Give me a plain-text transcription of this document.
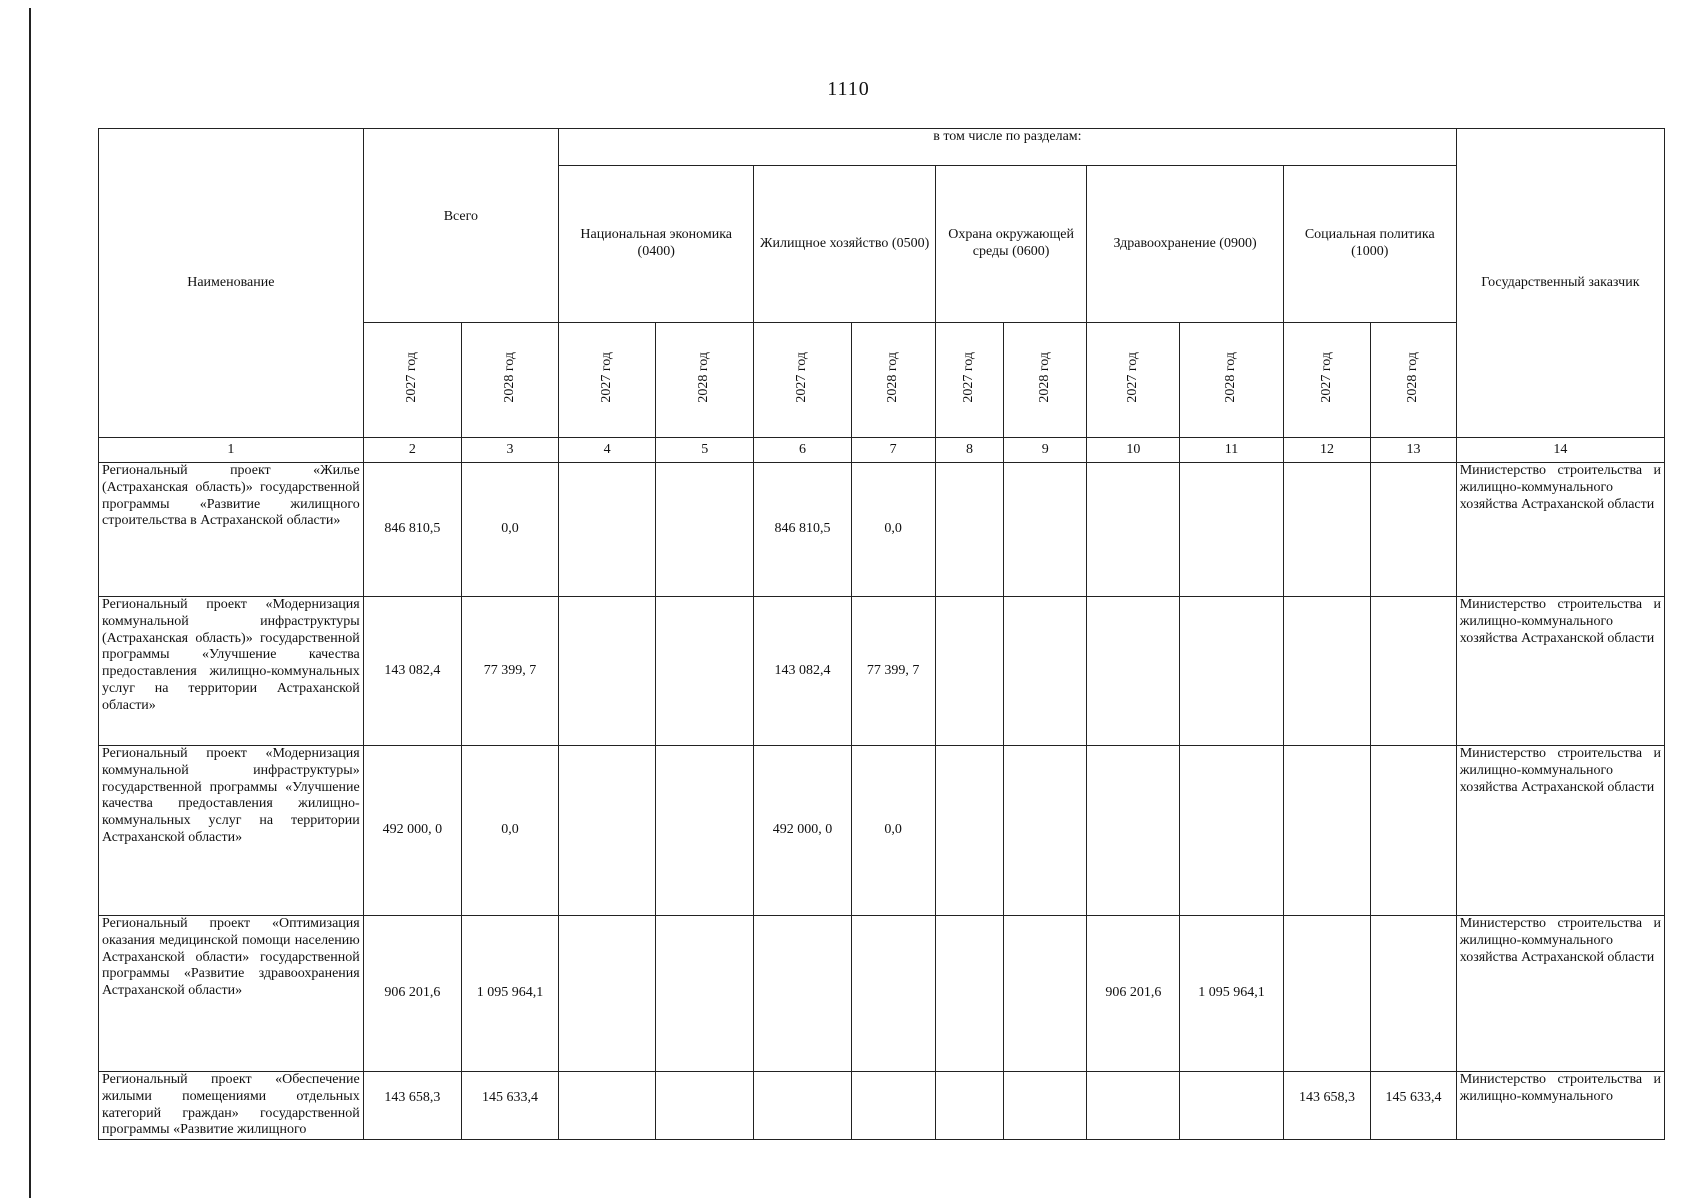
1110
Наименование	Всего		в том числе по разделам:										Государственный заказчик
			Национальная экономика (0400)		Жилищное хозяйство (0500)		Охрана окружающей среды (0600)		Здравоохранение (0900)		Социальная политика (1000)		
	2027 год	2028 год	2027 год	2028 год	2027 год	2028 год	2027 год	2028 год	2027 год	2028 год	2027 год	2028 год	
1	2	3	4	5	6	7	8	9	10	11	12	13	14
Региональный проект «Жилье (Астраханская область)» государственной программы «Развитие жилищного строительства в Астраханской области»	846 810,5	0,0			846 810,5	0,0							Министерство строительства и жилищно-коммунального хозяйства Астраханской области
Региональный проект «Модернизация коммунальной инфраструктуры (Астраханская область)» государственной программы «Улучшение качества предоставления жилищно-коммунальных услуг на территории Астраханской области»	143 082,4	77 399, 7			143 082,4	77 399, 7							Министерство строительства и жилищно-коммунального хозяйства Астраханской области
Региональный проект «Модернизация коммунальной инфраструктуры» государственной программы «Улучшение качества предоставления жилищно-коммунальных услуг на территории Астраханской области»	492 000, 0	0,0			492 000, 0	0,0							Министерство строительства и жилищно-коммунального хозяйства Астраханской области
Региональный проект «Оптимизация оказания медицинской помощи населению Астраханской области» государственной программы «Развитие здравоохранения Астраханской области»	906 201,6	1 095 964,1							906 201,6	1 095 964,1			Министерство строительства и жилищно-коммунального хозяйства Астраханской области
Региональный проект «Обеспечение жилыми помещениями отдельных категорий граждан» государственной программы «Развитие жилищного	143 658,3	145 633,4									143 658,3	145 633,4	Министерство строительства и жилищно-коммунального
